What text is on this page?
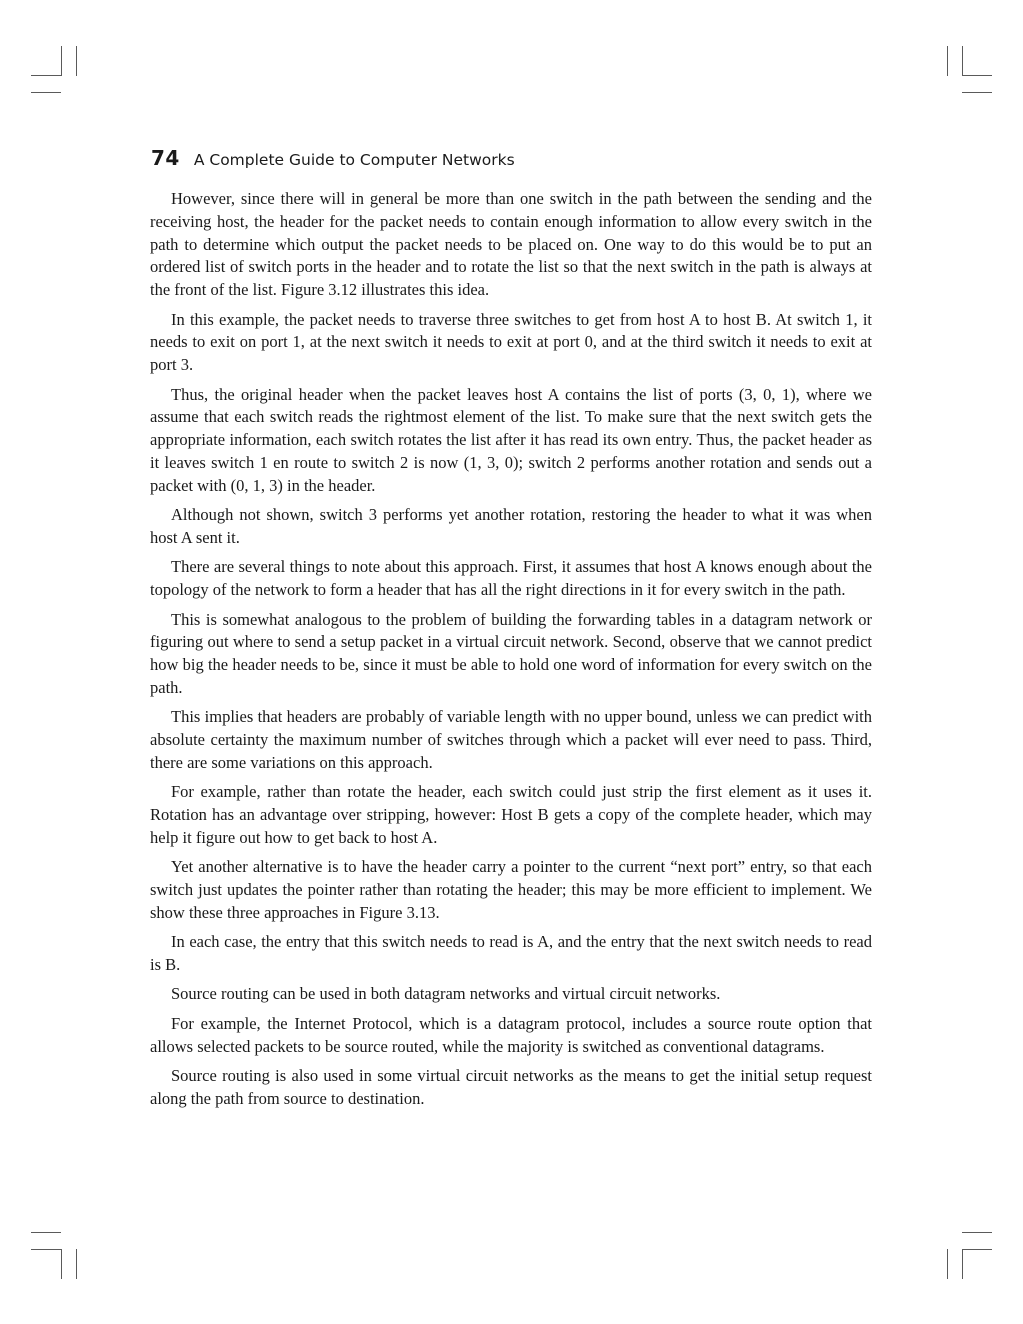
74 A Complete Guide to Computer Networks

However, since there will in general be more than one switch in the path between the sending and the receiving host, the header for the packet needs to contain enough information to allow every switch in the path to determine which output the packet needs to be placed on. One way to do this would be to put an ordered list of switch ports in the header and to rotate the list so that the next switch in the path is always at the front of the list. Figure 3.12 illustrates this idea.

In this example, the packet needs to traverse three switches to get from host A to host B. At switch 1, it needs to exit on port 1, at the next switch it needs to exit at port 0, and at the third switch it needs to exit at port 3.

Thus, the original header when the packet leaves host A contains the list of ports (3, 0, 1), where we assume that each switch reads the rightmost element of the list. To make sure that the next switch gets the appropriate information, each switch rotates the list after it has read its own entry. Thus, the packet header as it leaves switch 1 en route to switch 2 is now (1, 3, 0); switch 2 performs another rotation and sends out a packet with (0, 1, 3) in the header.

Although not shown, switch 3 performs yet another rotation, restoring the header to what it was when host A sent it.

There are several things to note about this approach. First, it assumes that host A knows enough about the topology of the network to form a header that has all the right directions in it for every switch in the path.

This is somewhat analogous to the problem of building the forwarding tables in a datagram network or figuring out where to send a setup packet in a virtual circuit network. Second, observe that we cannot predict how big the header needs to be, since it must be able to hold one word of information for every switch on the path.

This implies that headers are probably of variable length with no upper bound, unless we can predict with absolute certainty the maximum number of switches through which a packet will ever need to pass. Third, there are some variations on this approach.

For example, rather than rotate the header, each switch could just strip the first element as it uses it. Rotation has an advantage over stripping, however: Host B gets a copy of the complete header, which may help it figure out how to get back to host A.

Yet another alternative is to have the header carry a pointer to the current “next port” entry, so that each switch just updates the pointer rather than rotating the header; this may be more efficient to implement. We show these three approaches in Figure 3.13.

In each case, the entry that this switch needs to read is A, and the entry that the next switch needs to read is B.

Source routing can be used in both datagram networks and virtual circuit networks.

For example, the Internet Protocol, which is a datagram protocol, includes a source route option that allows selected packets to be source routed, while the majority is switched as conventional datagrams.

Source routing is also used in some virtual circuit networks as the means to get the initial setup request along the path from source to destination.
